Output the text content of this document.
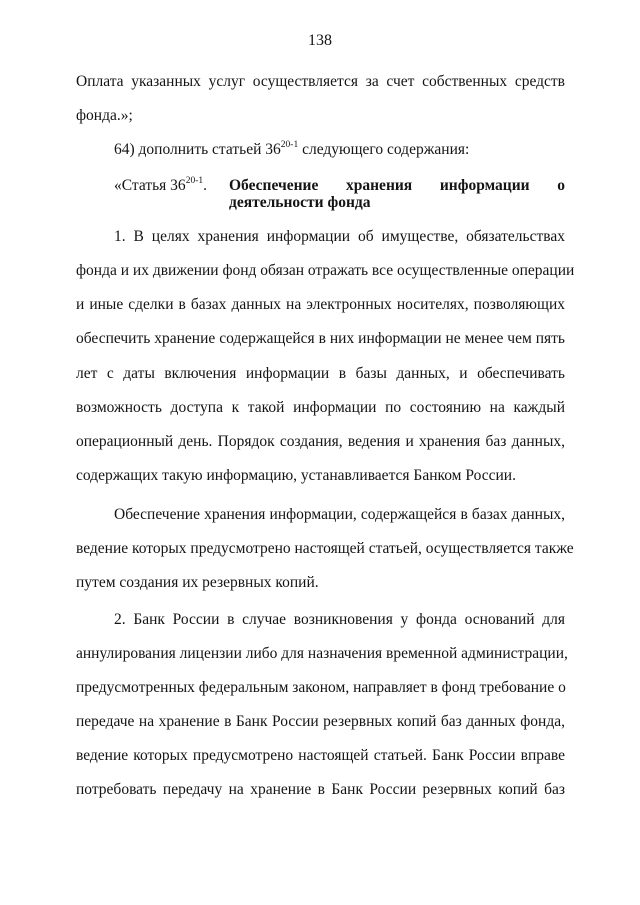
138
Оплата указанных услуг осуществляется за счет собственных средств
фонда.»;
64) дополнить статьей 36$^{20-1}$ следующего содержания:
«Статья 36$^{20-1}$. Обеспечение хранения информации о
деятельности фонда
1. В целях хранения информации об имуществе, обязательствах
фонда и их движении фонд обязан отражать все осуществленные операции
и иные сделки в базах данных на электронных носителях, позволяющих
обеспечить хранение содержащейся в них информации не менее чем пять
лет с даты включения информации в базы данных, и обеспечивать
возможность доступа к такой информации по состоянию на каждый
операционный день. Порядок создания, ведения и хранения баз данных,
содержащих такую информацию, устанавливается Банком России.
Обеспечение хранения информации, содержащейся в базах данных,
ведение которых предусмотрено настоящей статьей, осуществляется также
путем создания их резервных копий.
2. Банк России в случае возникновения у фонда оснований для
аннулирования лицензии либо для назначения временной администрации,
предусмотренных федеральным законом, направляет в фонд требование о
передаче на хранение в Банк России резервных копий баз данных фонда,
ведение которых предусмотрено настоящей статьей. Банк России вправе
потребовать передачу на хранение в Банк России резервных копий баз
